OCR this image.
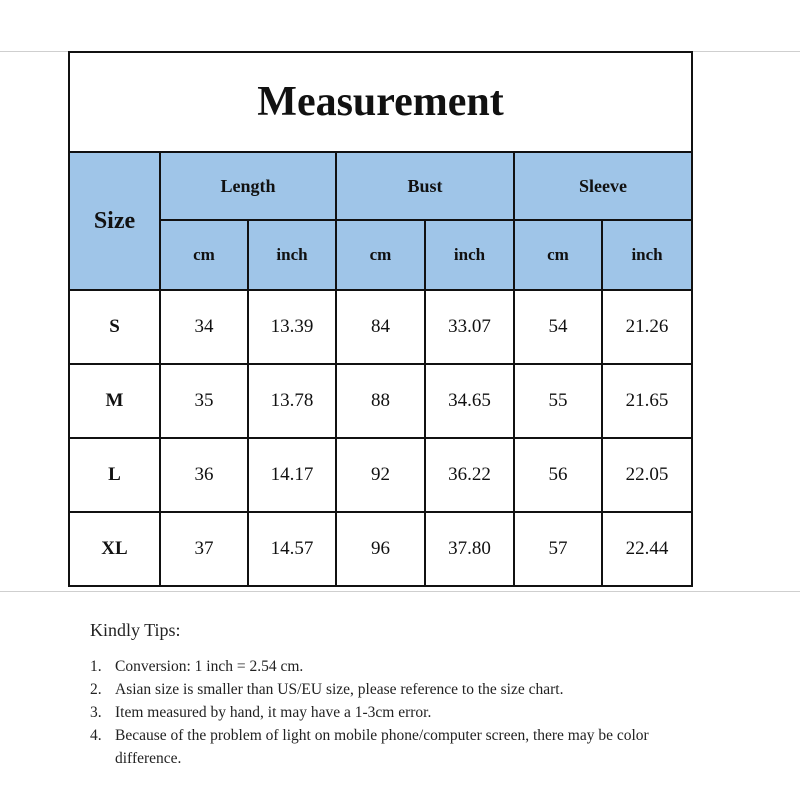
Measurement						
Size	Length		Bust		Sleeve	
	cm	inch	cm	inch	cm	inch
S	34	13.39	84	33.07	54	21.26
M	35	13.78	88	34.65	55	21.65
L	36	14.17	92	36.22	56	22.05
XL	37	14.57	96	37.80	57	22.44
Kindly Tips:
1. Conversion: 1 inch = 2.54 cm.
2. Asian size is smaller than US/EU size, please reference to the size chart.
3. Item measured by hand, it may have a 1-3cm error.
4. Because of the problem of light on mobile phone/computer screen, there may be color difference.
